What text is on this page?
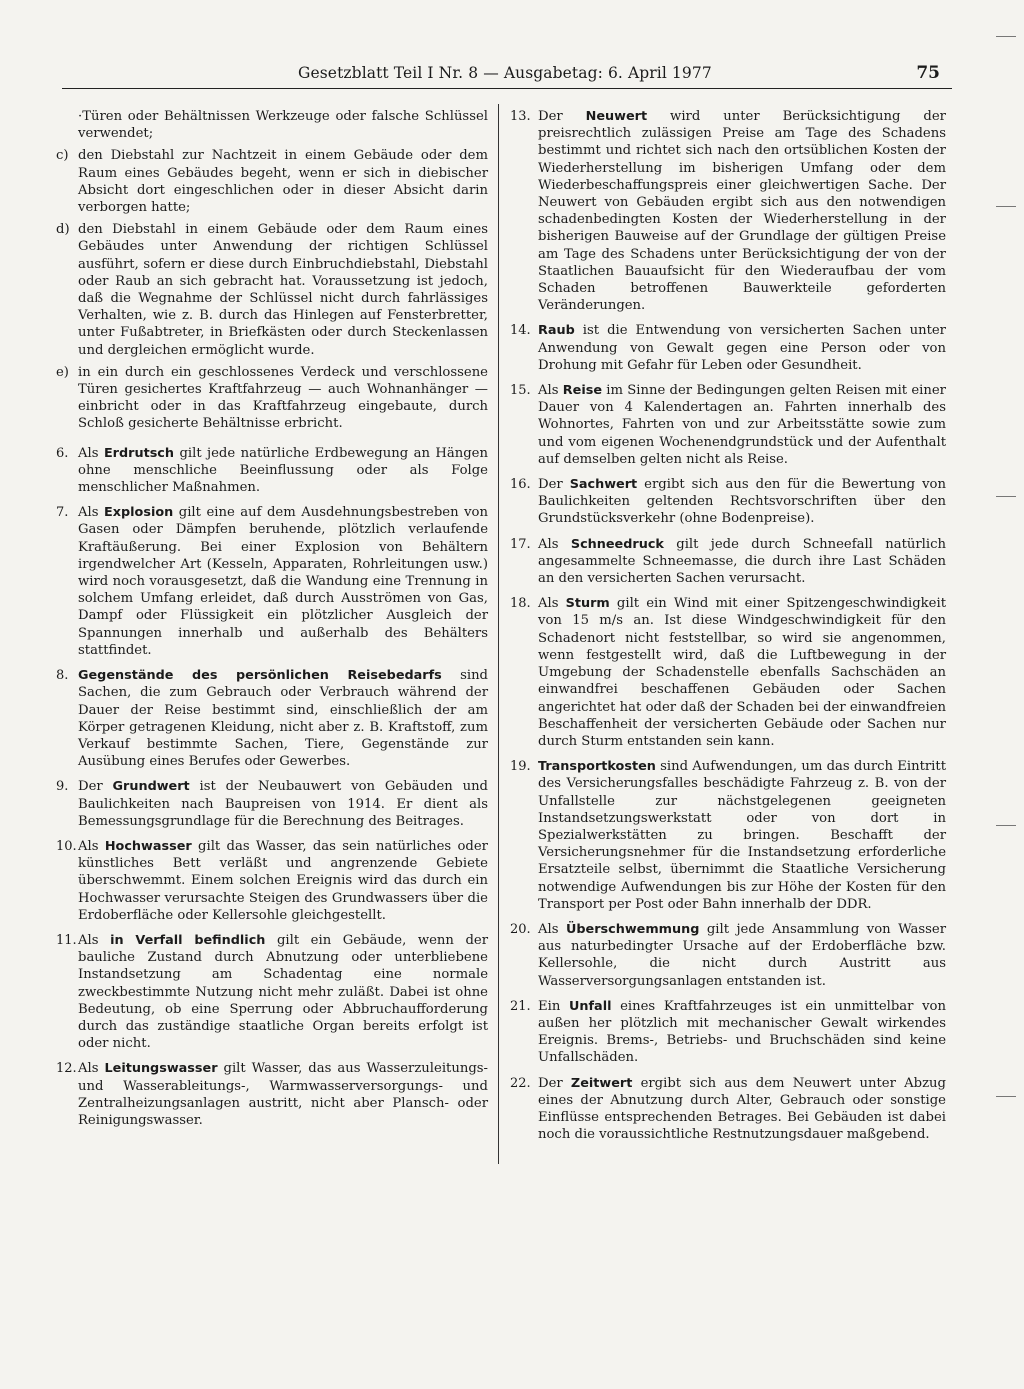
Gesetzblatt Teil I Nr. 8 — Ausgabetag: 6. April 1977	75
·Türen oder Behältnissen Werkzeuge oder falsche Schlüssel verwendet;
c) den Diebstahl zur Nachtzeit in einem Gebäude oder dem Raum eines Gebäudes begeht, wenn er sich in diebischer Absicht dort eingeschlichen oder in dieser Absicht darin verborgen hatte;
d) den Diebstahl in einem Gebäude oder dem Raum eines Gebäudes unter Anwendung der richtigen Schlüssel ausführt, sofern er diese durch Einbruchdiebstahl, Diebstahl oder Raub an sich gebracht hat. Voraussetzung ist jedoch, daß die Wegnahme der Schlüssel nicht durch fahrlässiges Verhalten, wie z. B. durch das Hinlegen auf Fensterbretter, unter Fußabtreter, in Briefkästen oder durch Steckenlassen und dergleichen ermöglicht wurde.
e) in ein durch ein geschlossenes Verdeck und verschlossene Türen gesichertes Kraftfahrzeug — auch Wohnanhänger — einbricht oder in das Kraftfahrzeug eingebaute, durch Schloß gesicherte Behältnisse erbricht.
6. Als Erdrutsch gilt jede natürliche Erdbewegung an Hängen ohne menschliche Beeinflussung oder als Folge menschlicher Maßnahmen.
7. Als Explosion gilt eine auf dem Ausdehnungsbestreben von Gasen oder Dämpfen beruhende, plötzlich verlaufende Kraftäußerung. Bei einer Explosion von Behältern irgendwelcher Art (Kesseln, Apparaten, Rohrleitungen usw.) wird noch vorausgesetzt, daß die Wandung eine Trennung in solchem Umfang erleidet, daß durch Ausströmen von Gas, Dampf oder Flüssigkeit ein plötzlicher Ausgleich der Spannungen innerhalb und außerhalb des Behälters stattfindet.
8. Gegenstände des persönlichen Reisebedarfs sind Sachen, die zum Gebrauch oder Verbrauch während der Dauer der Reise bestimmt sind, einschließlich der am Körper getragenen Kleidung, nicht aber z. B. Kraftstoff, zum Verkauf bestimmte Sachen, Tiere, Gegenstände zur Ausübung eines Berufes oder Gewerbes.
9. Der Grundwert ist der Neubauwert von Gebäuden und Baulichkeiten nach Baupreisen von 1914. Er dient als Bemessungsgrundlage für die Berechnung des Beitrages.
10. Als Hochwasser gilt das Wasser, das sein natürliches oder künstliches Bett verläßt und angrenzende Gebiete überschwemmt. Einem solchen Ereignis wird das durch ein Hochwasser verursachte Steigen des Grundwassers über die Erdoberfläche oder Kellersohle gleichgestellt.
11. Als in Verfall befindlich gilt ein Gebäude, wenn der bauliche Zustand durch Abnutzung oder unterbliebene Instandsetzung am Schadentag eine normale zweckbestimmte Nutzung nicht mehr zuläßt. Dabei ist ohne Bedeutung, ob eine Sperrung oder Abbruchaufforderung durch das zuständige staatliche Organ bereits erfolgt ist oder nicht.
12. Als Leitungswasser gilt Wasser, das aus Wasserzuleitungs- und Wasserableitungs-, Warmwasserversorgungs- und Zentralheizungsanlagen austritt, nicht aber Plansch- oder Reinigungswasser.
13. Der Neuwert wird unter Berücksichtigung der preisrechtlich zulässigen Preise am Tage des Schadens bestimmt und richtet sich nach den ortsüblichen Kosten der Wiederherstellung im bisherigen Umfang oder dem Wiederbeschaffungspreis einer gleichwertigen Sache. Der Neuwert von Gebäuden ergibt sich aus den notwendigen schadenbedingten Kosten der Wiederherstellung in der bisherigen Bauweise auf der Grundlage der gültigen Preise am Tage des Schadens unter Berücksichtigung der von der Staatlichen Bauaufsicht für den Wiederaufbau der vom Schaden betroffenen Bauwerkteile geforderten Veränderungen.
14. Raub ist die Entwendung von versicherten Sachen unter Anwendung von Gewalt gegen eine Person oder von Drohung mit Gefahr für Leben oder Gesundheit.
15. Als Reise im Sinne der Bedingungen gelten Reisen mit einer Dauer von 4 Kalendertagen an. Fahrten innerhalb des Wohnortes, Fahrten von und zur Arbeitsstätte sowie zum und vom eigenen Wochenendgrundstück und der Aufenthalt auf demselben gelten nicht als Reise.
16. Der Sachwert ergibt sich aus den für die Bewertung von Baulichkeiten geltenden Rechtsvorschriften über den Grundstücksverkehr (ohne Bodenpreise).
17. Als Schneedruck gilt jede durch Schneefall natürlich angesammelte Schneemasse, die durch ihre Last Schäden an den versicherten Sachen verursacht.
18. Als Sturm gilt ein Wind mit einer Spitzengeschwindigkeit von 15 m/s an. Ist diese Windgeschwindigkeit für den Schadenort nicht feststellbar, so wird sie angenommen, wenn festgestellt wird, daß die Luftbewegung in der Umgebung der Schadenstelle ebenfalls Sachschäden an einwandfrei beschaffenen Gebäuden oder Sachen angerichtet hat oder daß der Schaden bei der einwandfreien Beschaffenheit der versicherten Gebäude oder Sachen nur durch Sturm entstanden sein kann.
19. Transportkosten sind Aufwendungen, um das durch Eintritt des Versicherungsfalles beschädigte Fahrzeug z. B. von der Unfallstelle zur nächstgelegenen geeigneten Instandsetzungswerkstatt oder von dort in Spezialwerkstätten zu bringen. Beschafft der Versicherungsnehmer für die Instandsetzung erforderliche Ersatzteile selbst, übernimmt die Staatliche Versicherung notwendige Aufwendungen bis zur Höhe der Kosten für den Transport per Post oder Bahn innerhalb der DDR.
20. Als Überschwemmung gilt jede Ansammlung von Wasser aus naturbedingter Ursache auf der Erdoberfläche bzw. Kellersohle, die nicht durch Austritt aus Wasserversorgungsanlagen entstanden ist.
21. Ein Unfall eines Kraftfahrzeuges ist ein unmittelbar von außen her plötzlich mit mechanischer Gewalt wirkendes Ereignis. Brems-, Betriebs- und Bruchschäden sind keine Unfallschäden.
22. Der Zeitwert ergibt sich aus dem Neuwert unter Abzug eines der Abnutzung durch Alter, Gebrauch oder sonstige Einflüsse entsprechenden Betrages. Bei Gebäuden ist dabei noch die voraussichtliche Restnutzungsdauer maßgebend.
